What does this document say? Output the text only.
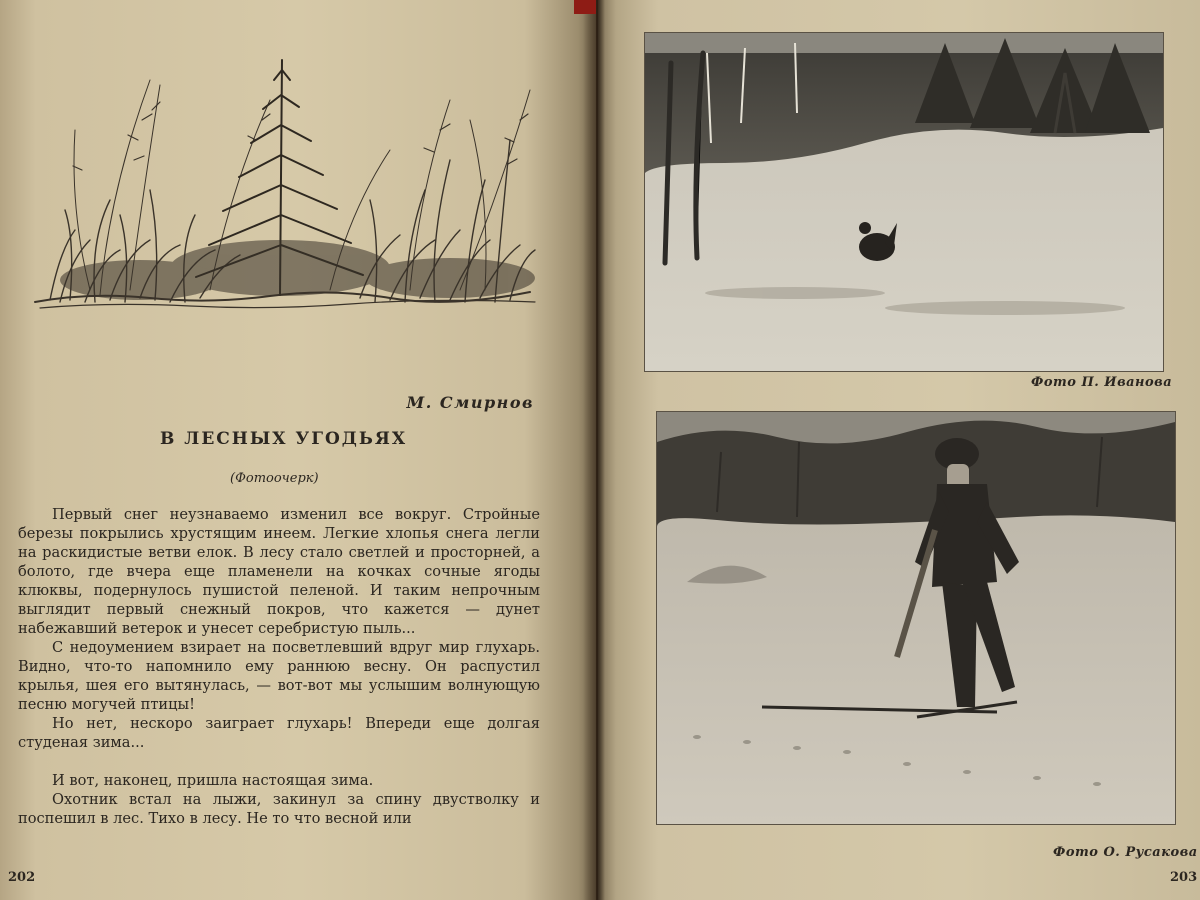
М. Смирнов
В ЛЕСНЫХ УГОДЬЯХ
(Фотоочерк)

Первый снег неузнаваемо изменил все вокруг. Стройные березы покрылись хрустящим инеем. Легкие хлопья снега легли на раскидистые ветви елок. В лесу стало светлей и просторней, а болото, где вчера еще пламенели на кочках сочные ягоды клюквы, подернулось пушистой пеленой. И таким непрочным выглядит первый снежный покров, что кажется — дунет набежавший ветерок и унесет серебристую пыль...

С недоумением взирает на посветлевший вдруг мир глухарь. Видно, что-то напомнило ему раннюю весну. Он распустил крылья, шея его вытянулась, — вот-вот мы услышим волнующую песню могучей птицы!

Но нет, нескоро заиграет глухарь! Впереди еще долгая студеная зима...

И вот, наконец, пришла настоящая зима.

Охотник встал на лыжи, закинул за спину двустволку и поспешил в лес. Тихо в лесу. Не то что весной или

202
Фото П. Иванова
Фото О. Русакова
203
